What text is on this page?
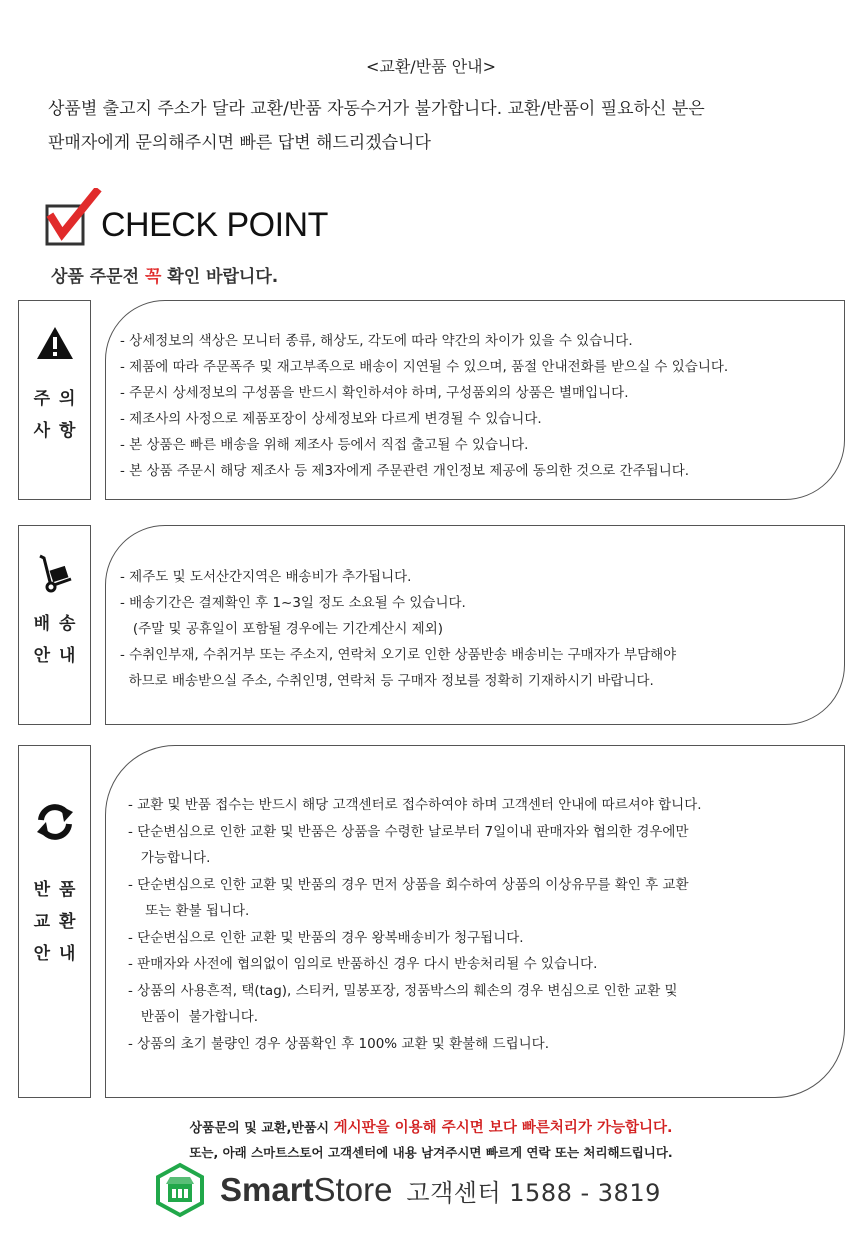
<교환/반품 안내>
상품별 출고지 주소가 달라 교환/반품 자동수거가 불가합니다. 교환/반품이 필요하신 분은
판매자에게 문의해주시면 빠른 답변 해드리겠습니다
CHECK POINT
상품 주문전 꼭 확인 바랍니다.
주의
사항
- 상세정보의 색상은 모니터 종류, 해상도, 각도에 따라 약간의 차이가 있을 수 있습니다.
- 제품에 따라 주문폭주 및 재고부족으로 배송이 지연될 수 있으며, 품절 안내전화를 받으실 수 있습니다.
- 주문시 상세정보의 구성품을 반드시 확인하셔야 하며, 구성품외의 상품은 별매입니다.
- 제조사의 사정으로 제품포장이 상세정보와 다르게 변경될 수 있습니다.
- 본 상품은 빠른 배송을 위해 제조사 등에서 직접 출고될 수 있습니다.
- 본 상품 주문시 해당 제조사 등 제3자에게 주문관련 개인정보 제공에 동의한 것으로 간주됩니다.
배송
안내
- 제주도 및 도서산간지역은 배송비가 추가됩니다.
- 배송기간은 결제확인 후 1~3일 정도 소요될 수 있습니다.
(주말 및 공휴일이 포함될 경우에는 기간계산시 제외)
- 수취인부재, 수취거부 또는 주소지, 연락처 오기로 인한 상품반송 배송비는 구매자가 부담해야
하므로 배송받으실 주소, 수취인명, 연락처 등 구매자 정보를 정확히 기재하시기 바랍니다.
반품
교환
안내
- 교환 및 반품 접수는 반드시 해당 고객센터로 접수하여야 하며 고객센터 안내에 따르셔야 합니다.
- 단순변심으로 인한 교환 및 반품은 상품을 수령한 날로부터 7일이내 판매자와 협의한 경우에만
가능합니다.
- 단순변심으로 인한 교환 및 반품의 경우 먼저 상품을 회수하여 상품의 이상유무를 확인 후 교환
또는 환불 됩니다.
- 단순변심으로 인한 교환 및 반품의 경우 왕복배송비가 청구됩니다.
- 판매자와 사전에 협의없이 임의로 반품하신 경우 다시 반송처리될 수 있습니다.
- 상품의 사용흔적, 택(tag), 스티커, 밀봉포장, 정품박스의 훼손의 경우 변심으로 인한 교환 및
반품이  불가합니다.
- 상품의 초기 불량인 경우 상품확인 후 100% 교환 및 환불해 드립니다.
상품문의 및 교환,반품시 게시판을 이용해 주시면 보다 빠른처리가 가능합니다.
또는, 아래 스마트스토어 고객센터에 내용 남겨주시면 빠르게 연락 또는 처리해드립니다.
Smart Store 고객센터 1588 - 3819
